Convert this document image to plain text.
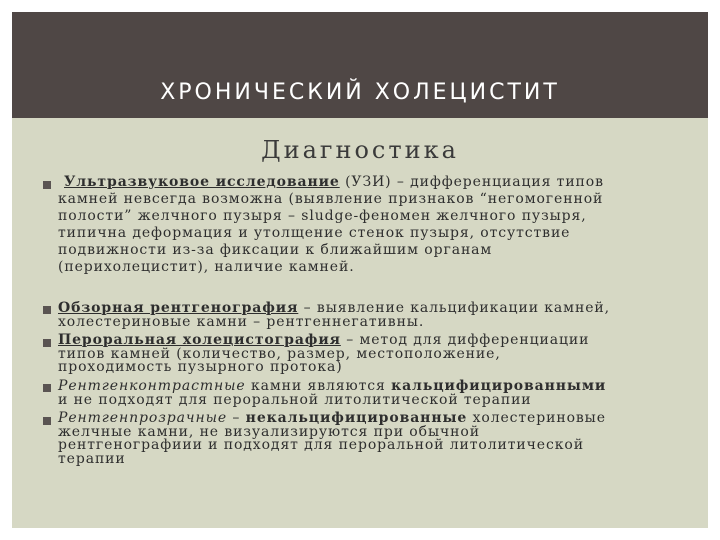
ХРОНИЧЕСКИЙ ХОЛЕЦИСТИТ
Диагностика
Ультразвуковое исследование (УЗИ) – дифференциация типов
камней невсегда возможна (выявление признаков “негомогенной
полости” желчного пузыря – sludge-феномен желчного пузыря,
типична деформация и утолщение стенок пузыря, отсутствие
подвижности из-за фиксации к ближайшим органам
(перихолецистит), наличие камней.
Обзорная рентгенография – выявление кальцификации камней,
холестериновые камни – рентгеннегативны.
Пероральная холецистография – метод для дифференциации
типов камней (количество, размер, местоположение,
проходимость пузырного протока)
Рентгенконтрастные камни являются кальцифицированными
и не подходят для пероральной литолитической терапии
Рентгенпрозрачные – некальцифицированные холестериновые
желчные камни, не визуализируются при обычной
рентгенографиии и подходят для пероральной литолитической
терапии
